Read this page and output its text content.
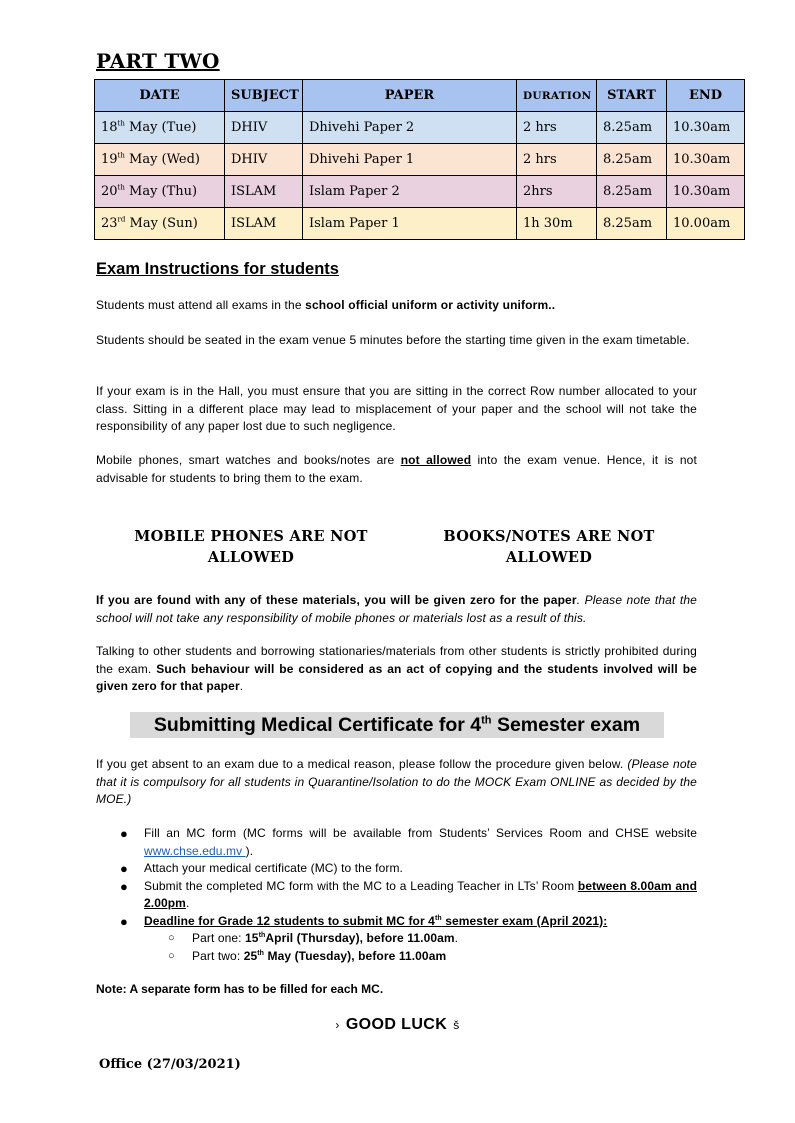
PART TWO
DATE	SUBJECT	PAPER	DURATION	START	END
18th May (Tue)	DHIV	Dhivehi Paper 2	2 hrs	8.25am	10.30am
19th May (Wed)	DHIV	Dhivehi Paper 1	2 hrs	8.25am	10.30am
20th May (Thu)	ISLAM	Islam Paper 2	2hrs	8.25am	10.30am
23rd May (Sun)	ISLAM	Islam Paper 1	1h 30m	8.25am	10.00am
Exam Instructions for students

Students must attend all exams in the school official uniform or activity uniform..

Students should be seated in the exam venue 5 minutes before the starting time given in the exam timetable.

If your exam is in the Hall, you must ensure that you are sitting in the correct Row number allocated to your class. Sitting in a different place may lead to misplacement of your paper and the school will not take the responsibility of any paper lost due to such negligence.

Mobile phones, smart watches and books/notes are not allowed into the exam venue. Hence, it is not advisable for students to bring them to the exam.

MOBILE PHONES ARE NOT
ALLOWED
BOOKS/NOTES ARE NOT
ALLOWED

If you are found with any of these materials, you will be given zero for the paper. Please note that the school will not take any responsibility of mobile phones or materials lost as a result of this.

Talking to other students and borrowing stationaries/materials from other students is strictly prohibited during the exam. Such behaviour will be considered as an act of copying and the students involved will be given zero for that paper.

Submitting Medical Certificate for 4th Semester exam

If you get absent to an exam due to a medical reason, please follow the procedure given below. (Please note that it is compulsory for all students in Quarantine/Isolation to do the MOCK Exam ONLINE as decided by the MOE.)

● Fill an MC form (MC forms will be available from Students’ Services Room and CHSE website www.chse.edu.mv ).
● Attach your medical certificate (MC) to the form.
● Submit the completed MC form with the MC to a Leading Teacher in LTs’ Room between 8.00am and 2.00pm.
● Deadline for Grade 12 students to submit MC for 4th semester exam (April 2021):
○ Part one: 15thApril (Thursday), before 11.00am.
○ Part two: 25th May (Tuesday), before 11.00am
Note: A separate form has to be filled for each MC.
› GOOD LUCK š
Office (27/03/2021)
